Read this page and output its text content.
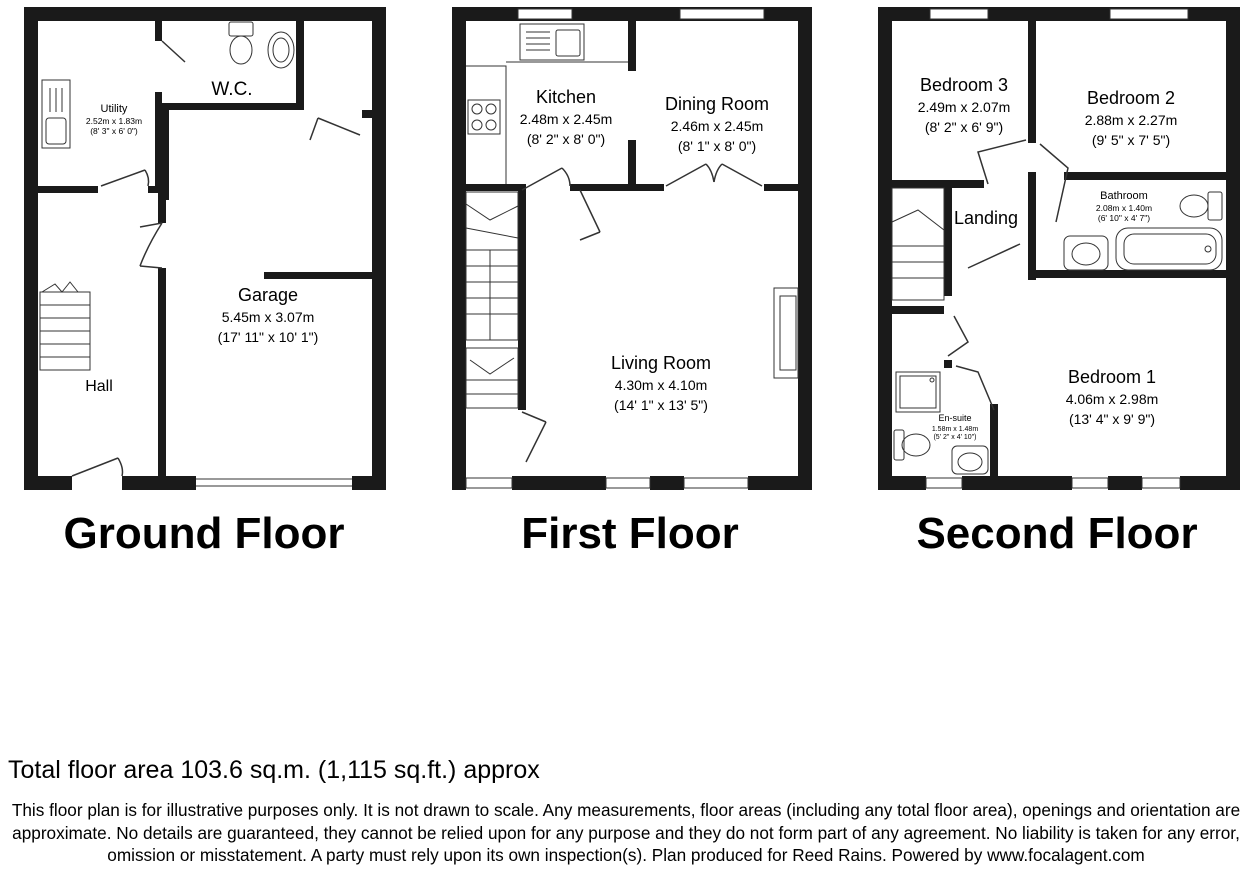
Utility
2.52m x 1.83m
(8' 3" x 6' 0")
W.C.
Garage
5.45m x 3.07m
(17' 11" x 10' 1")
Hall
Kitchen
2.48m x 2.45m
(8' 2" x 8' 0")
Dining Room
2.46m x 2.45m
(8' 1" x 8' 0")
Living Room
4.30m x 4.10m
(14' 1" x 13' 5")
Bedroom 3
2.49m x 2.07m
(8' 2" x 6' 9")
Bedroom 2
2.88m x 2.27m
(9' 5" x 7' 5")
Bathroom
2.08m x 1.40m
(6' 10" x 4' 7")
Landing
Bedroom 1
4.06m x 2.98m
(13' 4" x 9' 9")
En-suite
1.58m x 1.48m
(5' 2" x 4' 10")
Ground Floor	First Floor	Second Floor
Total floor area 103.6 sq.m. (1,115 sq.ft.) approx
This floor plan is for illustrative purposes only. It is not drawn to scale. Any measurements, floor areas (including any total floor area), openings and orientation are approximate. No details are guaranteed, they cannot be relied upon for any purpose and they do not form part of any agreement. No liability is taken for any error, omission or misstatement. A party must rely upon its own inspection(s). Plan produced for Reed Rains. Powered by www.focalagent.com
